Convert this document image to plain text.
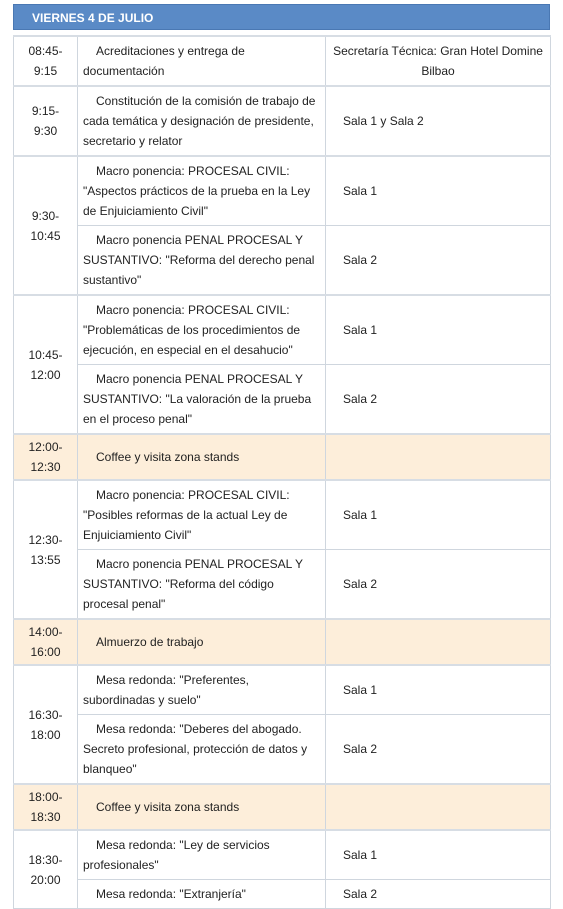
VIERNES 4 DE JULIO
08:45-
9:15	Acreditaciones y entrega de documentación	Secretaría Técnica: Gran Hotel Domine Bilbao

9:15-
9:30	Constitución de la comisión de trabajo de cada temática y designación de presidente, secretario y relator	Sala 1 y Sala 2

9:30-
10:45	Macro ponencia: PROCESAL CIVIL: "Aspectos prácticos de la prueba en la Ley de Enjuiciamiento Civil"	Sala 1
	Macro ponencia PENAL PROCESAL Y SUSTANTIVO: "Reforma del derecho penal sustantivo"	Sala 2

10:45-
12:00	Macro ponencia: PROCESAL CIVIL: "Problemáticas de los procedimientos de ejecución, en especial en el desahucio"	Sala 1
	Macro ponencia PENAL PROCESAL Y SUSTANTIVO: "La valoración de la prueba en el proceso penal"	Sala 2

12:00-
12:30	Coffee y visita zona stands	

12:30-
13:55	Macro ponencia: PROCESAL CIVIL: "Posibles reformas de la actual Ley de Enjuiciamiento Civil"	Sala 1
	Macro ponencia PENAL PROCESAL Y SUSTANTIVO: "Reforma del código procesal penal"	Sala 2

14:00-
16:00	Almuerzo de trabajo	

16:30-
18:00	Mesa redonda: "Preferentes, subordinadas y suelo"	Sala 1
	Mesa redonda: "Deberes del abogado. Secreto profesional, protección de datos y blanqueo"	Sala 2

18:00-
18:30	Coffee y visita zona stands	

18:30-
20:00	Mesa redonda: "Ley de servicios profesionales"	Sala 1
	Mesa redonda: "Extranjería"	Sala 2
